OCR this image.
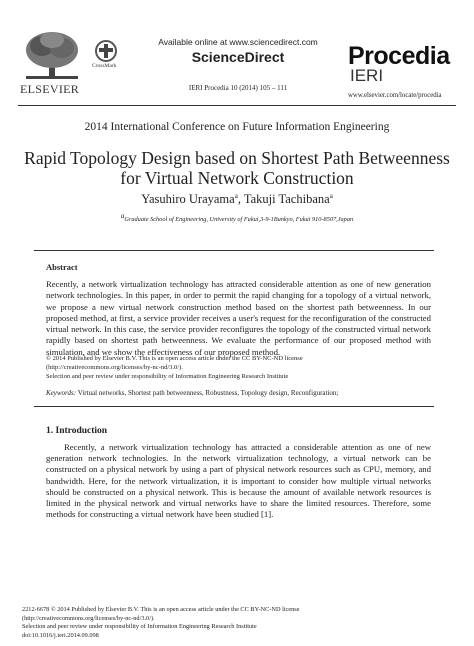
ELSEVIER
CrossMark
Available online at www.sciencedirect.com
ScienceDirect
IERI Procedia 10 (2014) 105 – 111
Procedia
IERI
www.elsevier.com/locate/procedia
2014 International Conference on Future Information Engineering
Rapid Topology Design based on Shortest Path Betweenness for Virtual Network Construction
Yasuhiro Urayama$^a$, Takuji Tachibana$^a$
$^a$Graduate School of Engineering, University of Fukui,3-9-1Bunkyo, Fukui 910-8507,Japan
Abstract
Recently, a network virtualization technology has attracted considerable attention as one of new generation network technologies. In this paper, in order to permit the rapid changing for a topology of a virtual network, we propose a new virtual network construction method based on the shortest path betweenness. In our proposed method, at first, a service provider receives a user's request for the reconfiguration of the constructed virtual network. In this case, the service provider reconfigures the topology of the constructed virtual network rapidly based on shortest path betweenness. We evaluate the performance of our proposed method with simulation, and we show the effectiveness of our proposed method.
© 2014 Published by Elsevier B.V. This is an open access article under the CC BY-NC-ND license
(http://creativecommons.org/licenses/by-nc-nd/3.0/).
Selection and peer review under responsibility of Information Engineering Research Institute
Keywords: Virtual networks, Shortest path betweenness, Robustness, Topology design, Reconfiguration;
1. Introduction
Recently, a network virtualization technology has attracted a considerable attention as one of new generation network technologies. In the network virtualization technology, a virtual network can be constructed on a physical network by using a part of physical network resources such as CPU, memory, and bandwidth. Here, for the network virtualization, it is important to consider how multiple virtual networks should be constructed on a physical network. This is because the amount of available network resources is limited in the physical network and virtual networks have to share the limited resources. Therefore, some methods for constructing a virtual network have been studied [1].
2212-6678 © 2014 Published by Elsevier B.V. This is an open access article under the CC BY-NC-ND license
(http://creativecommons.org/licenses/by-nc-nd/3.0/).
Selection and peer review under responsibility of Information Engineering Research Institute
doi:10.1016/j.ieri.2014.09.098
